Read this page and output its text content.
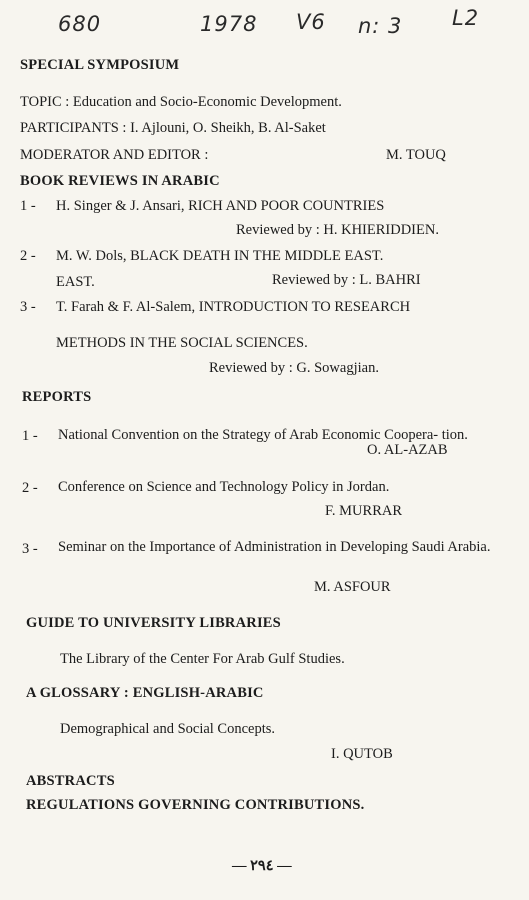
680	1978 V6 n: 3 L2
SPECIAL SYMPOSIUM
TOPIC : Education and Socio-Economic Development.
PARTICIPANTS : I. Ajlouni, O. Sheikh, B. Al-Saket
MODERATOR AND EDITOR :	M. TOUQ
BOOK REVIEWS IN ARABIC
1 - H. Singer & J. Ansari, RICH AND POOR COUNTRIES
Reviewed by : H. KHIERIDDIEN.
2 - M. W. Dols, BLACK DEATH IN THE MIDDLE EAST.
EAST.	Reviewed by : L. BAHRI
3 - T. Farah & F. Al-Salem, INTRODUCTION TO RESEARCH
METHODS IN THE SOCIAL SCIENCES.
Reviewed by : G. Sowagjian.
REPORTS
1 - National Convention on the Strategy of Arab Economic Coopera- tion.
O. AL-AZAB
2 - Conference on Science and Technology Policy in Jordan.
F. MURRAR
3 - Seminar on the Importance of Administration in Developing Saudi Arabia.
M. ASFOUR
GUIDE TO UNIVERSITY LIBRARIES
The Library of the Center For Arab Gulf Studies.
A GLOSSARY : ENGLISH-ARABIC
Demographical and Social Concepts.
I. QUTOB
ABSTRACTS
REGULATIONS GOVERNING CONTRIBUTIONS.
— ٢٩٤ —
